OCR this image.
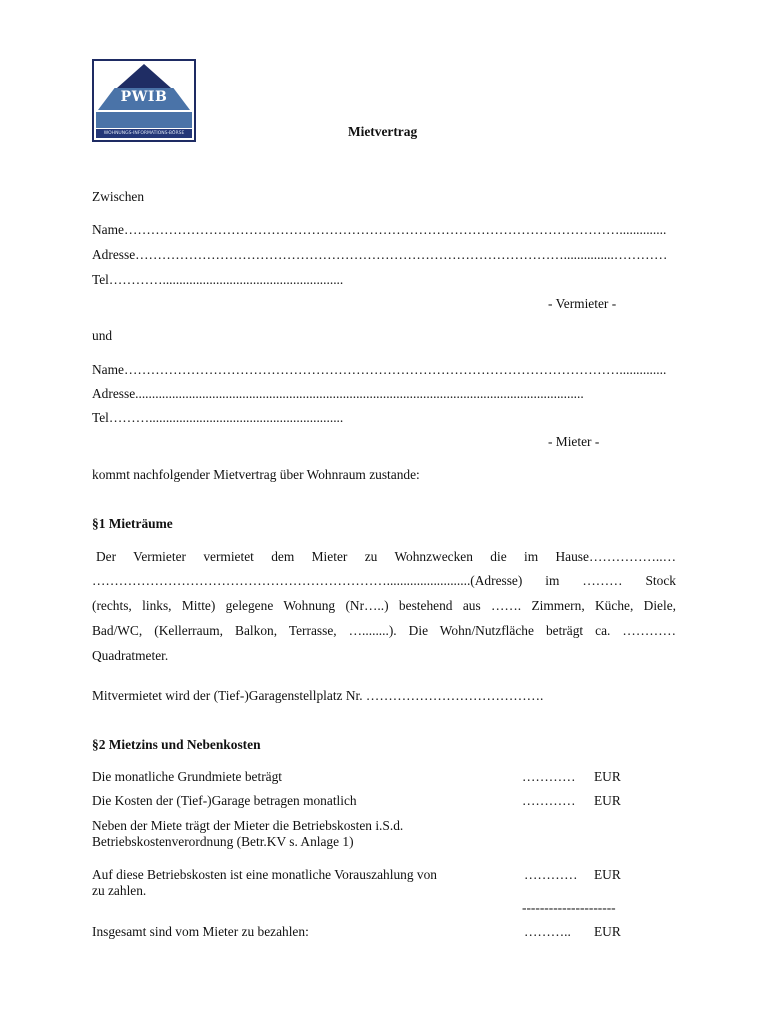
PWIB
WOHNUNGS-INFORMATIONS-BÖRSE	Mietvertrag
Zwischen
Name…………………………………………………………………………………………………..............
Adresse……………………………………………………………………………………...............…………
Tel…………......................................................
- Vermieter -
und
Name…………………………………………………………………………………………………..............
Adresse......................................................................................................................................
Tel………..........................................................
- Mieter -
kommt nachfolgender Mietvertrag über Wohnraum zustande:
§1 Mieträume
Der Vermieter vermietet dem Mieter zu Wohnzwecken die im Hause……………..…
………………………………………………………….........................(Adresse) im ……… Stock
(rechts, links, Mitte) gelegene Wohnung (Nr…..) bestehend aus ……. Zimmern, Küche, Diele,
Bad/WC, (Kellerraum, Balkon, Terrasse, …........). Die Wohn/Nutzfläche beträgt ca. …………
Quadratmeter.
Mitvermietet wird der (Tief-)Garagenstellplatz Nr. ………………………………….
§2 Mietzins und Nebenkosten
Die monatliche Grundmiete beträgt	………… EUR
Die Kosten der (Tief-)Garage betragen monatlich	………… EUR
Neben der Miete trägt der Mieter die Betriebskosten i.S.d.
Betriebskostenverordnung (Betr.KV s. Anlage 1)
Auf diese Betriebskosten ist eine monatliche Vorauszahlung von
zu zahlen.
………… EUR
---------------------
Insgesamt sind vom Mieter zu bezahlen:	……….. EUR
